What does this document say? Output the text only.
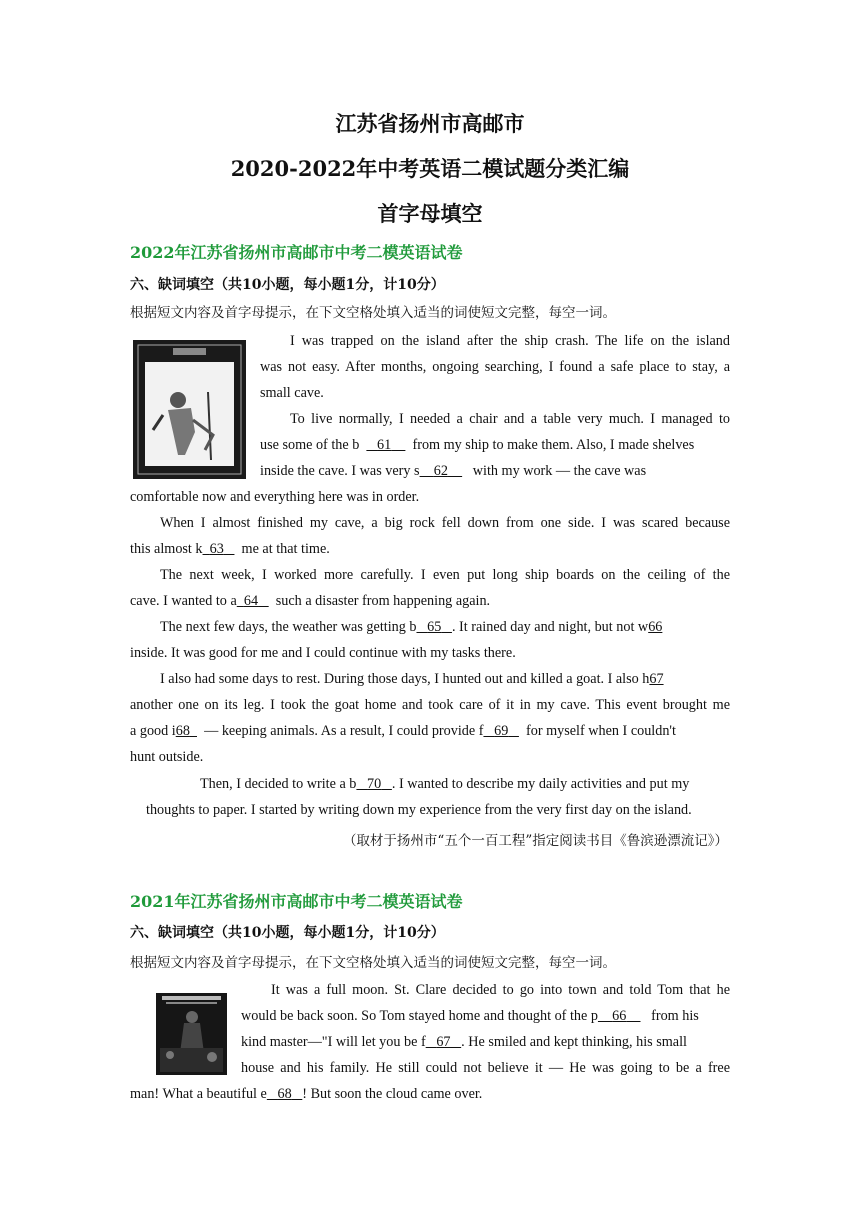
江苏省扬州市高邮市
2020-2022年中考英语二模试题分类汇编
首字母填空
2022年江苏省扬州市高邮市中考二模英语试卷
六、缺词填空（共10小题，每小题1分，计10分）
根据短文内容及首字母提示，在下文空格处填入适当的词使短文完整，每空一词。
I was trapped on the island after the ship crash. The life on the island
was not easy. After months, ongoing searching, I found a safe place to stay, a
small cave.
To live normally, I needed a chair and a table very much. I managed to
use some of the b 61 from my ship to make them. Also, I made shelves
inside the cave. I was very s 62 with my work — the cave was
comfortable now and everything here was in order.
When I almost finished my cave, a big rock fell down from one side. I was scared because
this almost k 63 me at that time.
The next week, I worked more carefully. I even put long ship boards on the ceiling of the
cave. I wanted to a 64 such a disaster from happening again.
The next few days, the weather was getting b 65 . It rained day and night, but not w66
inside. It was good for me and I could continue with my tasks there.
I also had some days to rest. During those days, I hunted out and killed a goat. I also h67
another one on its leg. I took the goat home and took care of it in my cave. This event brought me
a good i68 — keeping animals. As a result, I could provide f 69 for myself when I couldn't
hunt outside.
Then, I decided to write a b 70 . I wanted to describe my daily activities and put my
thoughts to paper. I started by writing down my experience from the very first day on the island.
（取材于扬州市“五个一百工程”指定阅读书目《鲁滨逊漂流记》）
2021年江苏省扬州市高邮市中考二模英语试卷
六、缺词填空（共10小题，每小题1分，计10分）
根据短文内容及首字母提示，在下文空格处填入适当的词使短文完整，每空一词。
It was a full moon. St. Clare decided to go into town and told Tom that he
would be back soon. So Tom stayed home and thought of the p 66 from his
kind master—"I will let you be f 67 . He smiled and kept thinking, his small
house and his family. He still could not believe it — He was going to be a free
man! What a beautiful e 68 ! But soon the cloud came over.
